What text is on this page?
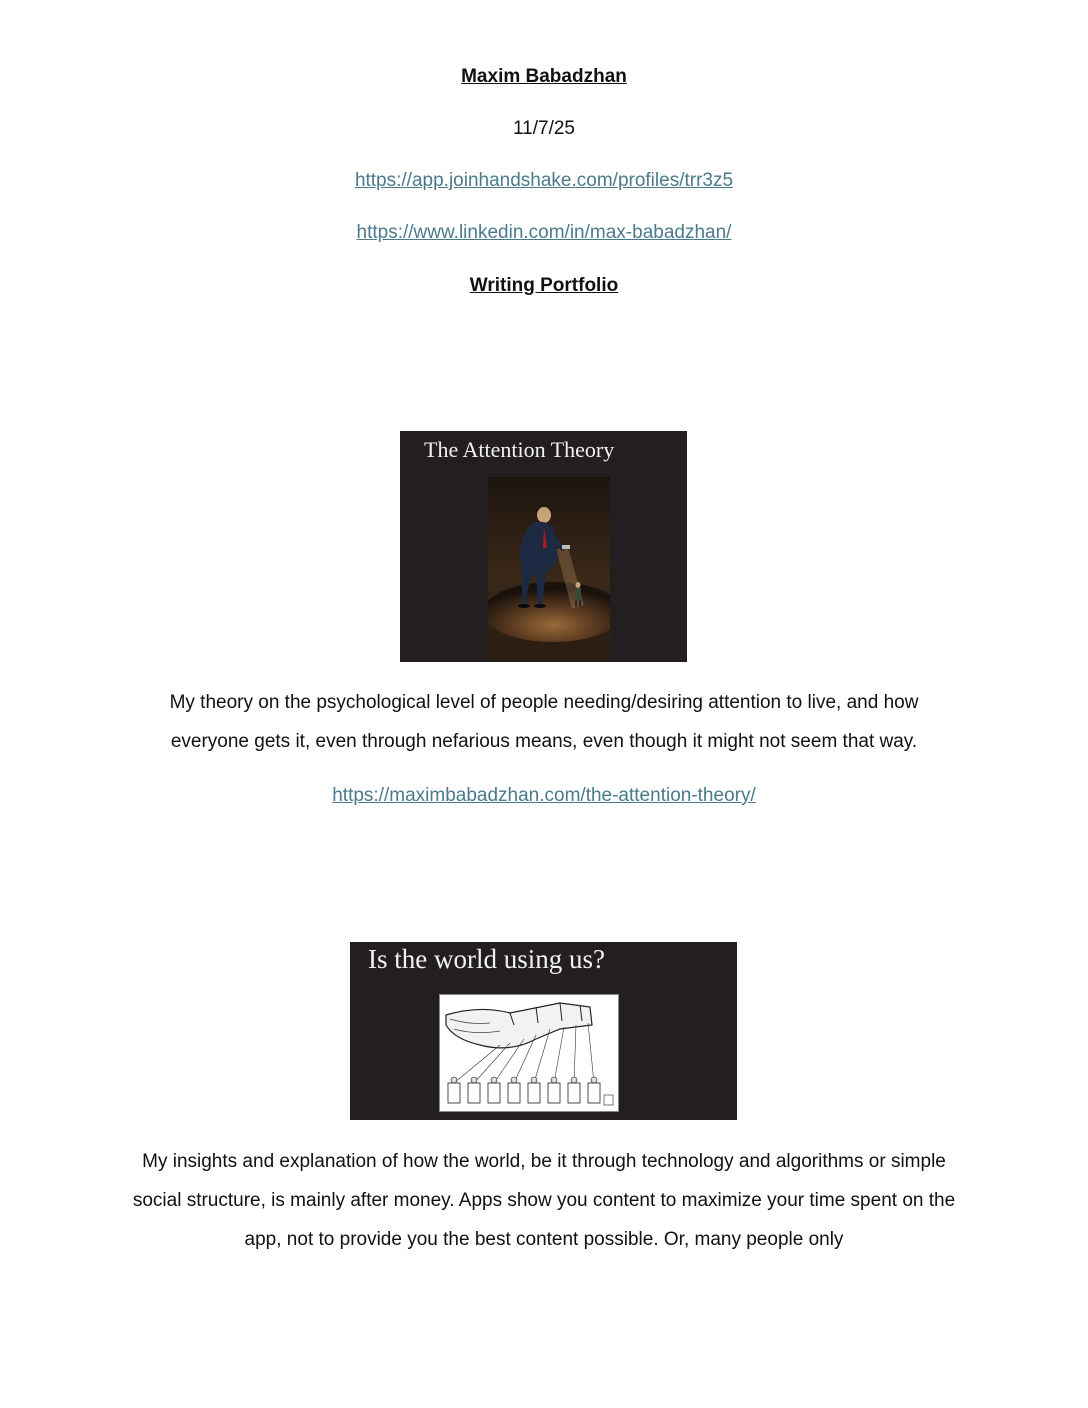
Maxim Babadzhan
11/7/25
https://app.joinhandshake.com/profiles/trr3z5
https://www.linkedin.com/in/max-babadzhan/
Writing Portfolio
The Attention Theory
My theory on the psychological level of people needing/desiring attention to live, and how everyone gets it, even through nefarious means, even though it might not seem that way.
https://maximbabadzhan.com/the-attention-theory/
Is the world using us?
My insights and explanation of how the world, be it through technology and algorithms or simple social structure, is mainly after money. Apps show you content to maximize your time spent on the app, not to provide you the best content possible. Or, many people only
